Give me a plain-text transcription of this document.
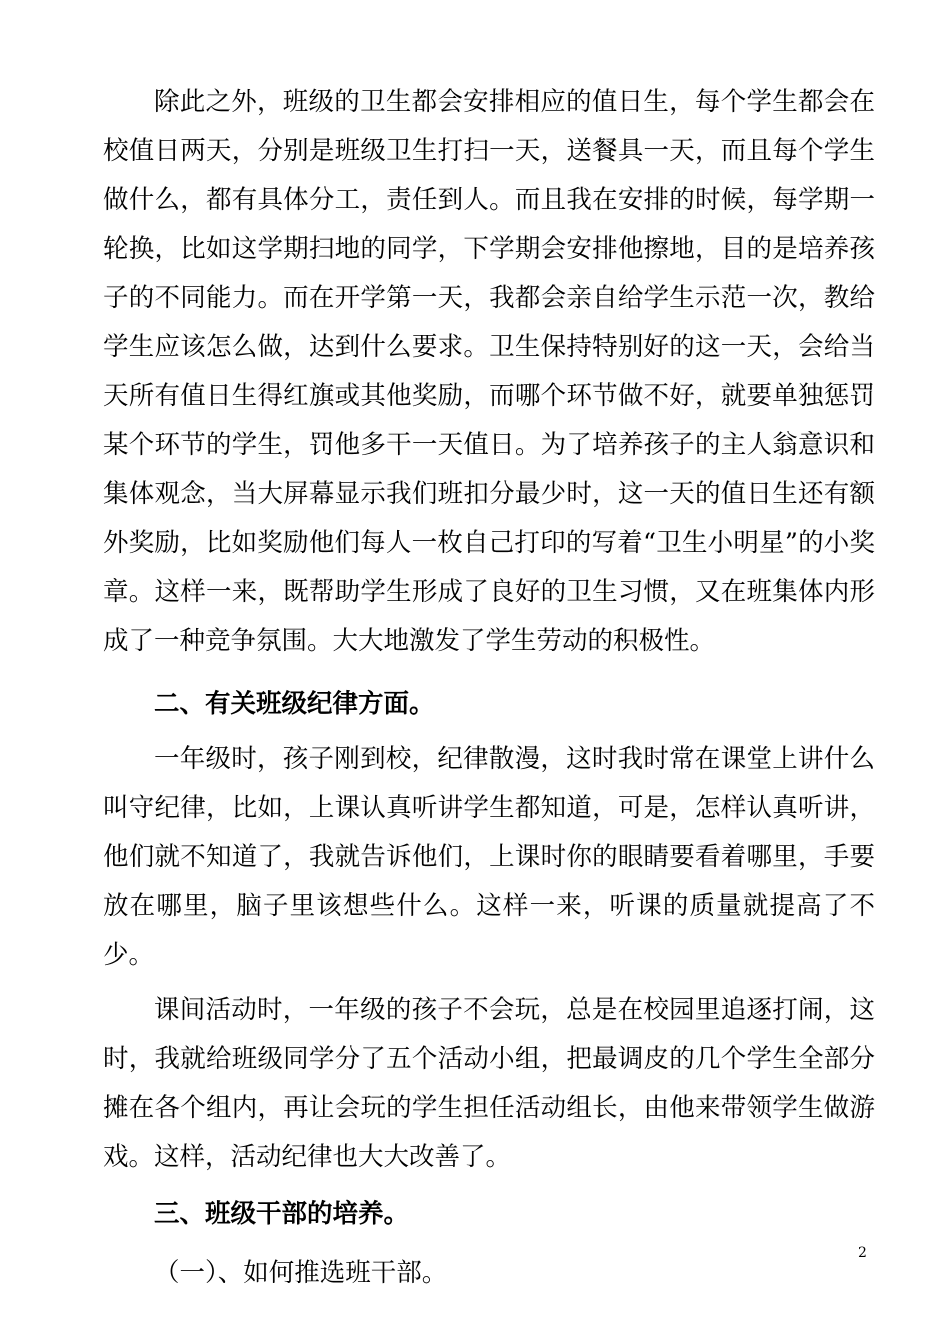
除此之外，班级的卫生都会安排相应的值日生，每个学生都会在校值日两天，分别是班级卫生打扫一天，送餐具一天，而且每个学生做什么，都有具体分工，责任到人。而且我在安排的时候，每学期一轮换，比如这学期扫地的同学，下学期会安排他擦地，目的是培养孩子的不同能力。而在开学第一天，我都会亲自给学生示范一次，教给学生应该怎么做，达到什么要求。卫生保持特别好的这一天，会给当天所有值日生得红旗或其他奖励，而哪个环节做不好，就要单独惩罚某个环节的学生，罚他多干一天值日。为了培养孩子的主人翁意识和集体观念，当大屏幕显示我们班扣分最少时，这一天的值日生还有额外奖励，比如奖励他们每人一枚自己打印的写着“卫生小明星”的小奖章。这样一来，既帮助学生形成了良好的卫生习惯，又在班集体内形成了一种竞争氛围。大大地激发了学生劳动的积极性。

二、有关班级纪律方面。

一年级时，孩子刚到校，纪律散漫，这时我时常在课堂上讲什么叫守纪律，比如，上课认真听讲学生都知道，可是，怎样认真听讲，他们就不知道了，我就告诉他们，上课时你的眼睛要看着哪里，手要放在哪里，脑子里该想些什么。这样一来，听课的质量就提高了不少。

课间活动时，一年级的孩子不会玩，总是在校园里追逐打闹，这时，我就给班级同学分了五个活动小组，把最调皮的几个学生全部分摊在各个组内，再让会玩的学生担任活动组长，由他来带领学生做游戏。这样，活动纪律也大大改善了。

三、班级干部的培养。

（一）、如何推选班干部。

2
